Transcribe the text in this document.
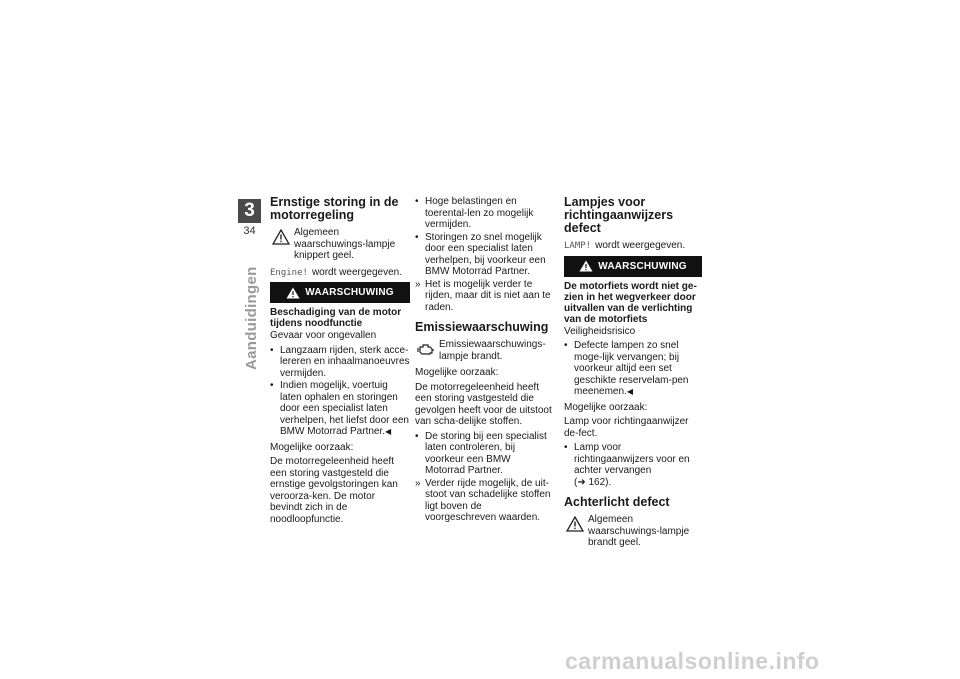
3
34
Aanduidingen
Ernstige storing in de motorregeling
Algemeen waarschuwings-lampje knippert geel.

Engine! wordt weergegeven.

WAARSCHUWING
Beschadiging van de motor tijdens noodfunctie

Gevaar voor ongevallen

• Langzaam rijden, sterk acce-lereren en inhaalmanoeuvres vermijden.
• Indien mogelijk, voertuig laten ophalen en storingen door een specialist laten verhelpen, het liefst door een BMW Motorrad Partner.◀

Mogelijke oorzaak:

De motorregeleenheid heeft een storing vastgesteld die ernstige gevolgstoringen kan veroorza-ken. De motor bevindt zich in de noodloopfunctie.

• Hoge belastingen en toerental-len zo mogelijk vermijden.
• Storingen zo snel mogelijk door een specialist laten verhelpen, bij voorkeur een BMW Motorrad Partner.
» Het is mogelijk verder te rijden, maar dit is niet aan te raden.
Emissiewaarschuwing
Emissiewaarschuwings-lampje brandt.

Mogelijke oorzaak:

De motorregeleenheid heeft een storing vastgesteld die gevolgen heeft voor de uitstoot van scha-delijke stoffen.

• De storing bij een specialist laten controleren, bij voorkeur een BMW Motorrad Partner.
» Verder rijde mogelijk, de uit-stoot van schadelijke stoffen ligt boven de voorgeschreven waarden.
Lampjes voor richtingaanwijzers defect

LAMP! wordt weergegeven.

WAARSCHUWING
De motorfiets wordt niet ge-zien in het wegverkeer door uitvallen van de verlichting van de motorfiets

Veiligheidsrisico

• Defecte lampen zo snel moge-lijk vervangen; bij voorkeur altijd een set geschikte reservelam-pen meenemen.◀

Mogelijke oorzaak:

Lamp voor richtingaanwijzer de-fect.

• Lamp voor richtingaanwijzers voor en achter vervangen
(➜ 162).
Achterlicht defect
Algemeen waarschuwings-lampje brandt geel.
carmanualsonline.info
